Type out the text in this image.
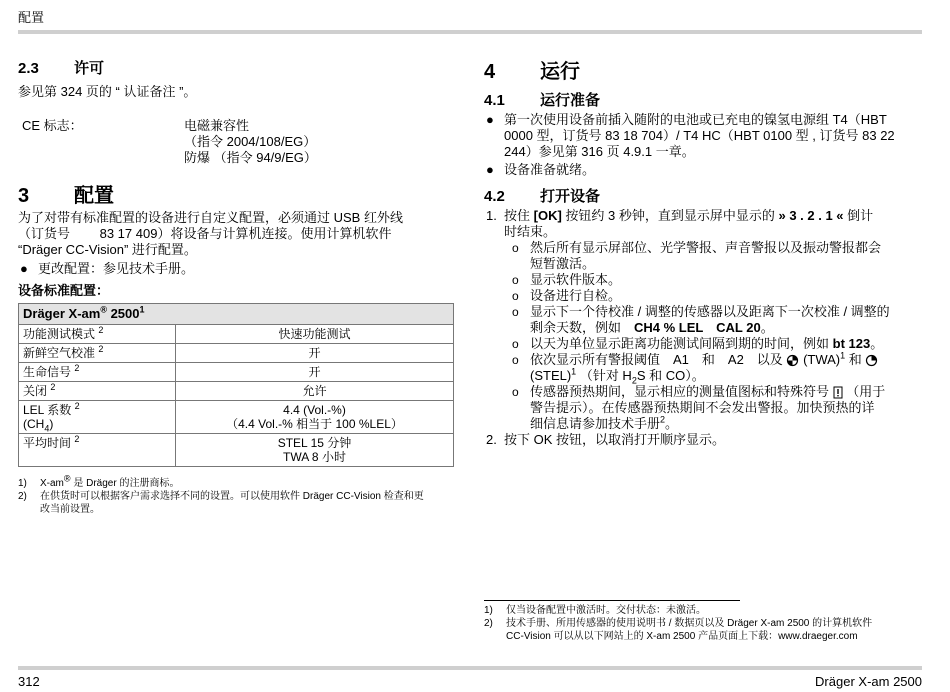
配置
2.3 许可

参见第 324 页的 “ 认证备注 ”。

CE 标志：	电磁兼容性
（指令 2004/108/EG）
防爆 （指令 94/9/EG）
3 配置

为了对带有标准配置的设备进行自定义配置，必须通过 USB 红外线

（订货号　　 83 17 409）将设备与计算机连接。使用计算机软件

“Dräger CC-Vision” 进行配置。

● 更改配置：参见技术手册。

设备标准配置：

Dräger X-am® 2500$^1$
功能测试模式 $^2$	快速功能测试
新鲜空气校准 $^2$	开
生命信号 $^2$	开
关闭 $^2$	允许
LEL 系数 $^2$
$(CH_4)$	4.4 (Vol.-%)
（4.4 Vol.-% 相当于 100 %LEL）
平均时间 $^2$	STEL 15 分钟
TWA 8 小时
1) X-am® 是 Dräger 的注册商标。
2) 在供货时可以根据客户需求选择不同的设置。可以使用软件 Dräger CC-Vision 检查和更
改当前设置。
4 运行
4.1 运行准备
● 第一次使用设备前插入随附的电池或已充电的镍氢电源组 T4（HBT
0000 型，订货号 83 18 704）/ T4 HC（HBT 0100 型 , 订货号 83 22
244）参见第 316 页 4.9.1 一章。
● 设备准备就绪。
4.2 打开设备
1. 按住 [OK] 按钮约 3 秒钟，直到显示屏中显示的 » 3 . 2 . 1 « 倒计
时结束。
o 然后所有显示屏部位、光学警报、声音警报以及振动警报都会
短暂激活。
o 显示软件版本。
o 设备进行自检。
o 显示下一个待校准 / 调整的传感器以及距离下一次校准 / 调整的
剩余天数，例如　CH4 % LEL　CAL 20。
o 以天为单位显示距离功能测试间隔到期的时间，例如 bt 123。
o 依次显示所有警报阈值　A1　和　A2　以及 (TWA)$^1$ 和
(STEL)$^1$ （针对 $H_2S$ 和 CO）。
o 传感器预热期间，显示相应的测量值图标和特殊符号 （用于
警告提示）。在传感器预热期间不会发出警报。加快预热的详
细信息请参加技术手册$^2$。
2. 按下 OK 按钮，以取消打开顺序显示。
1) 仅当设备配置中激活时。交付状态：未激活。
2) 技术手册、所用传感器的使用说明书 / 数据页以及 Dräger X-am 2500 的计算机软件
CC-Vision 可以从以下网站上的 X-am 2500 产品页面上下载：www.draeger.com
312	Dräger X-am 2500
